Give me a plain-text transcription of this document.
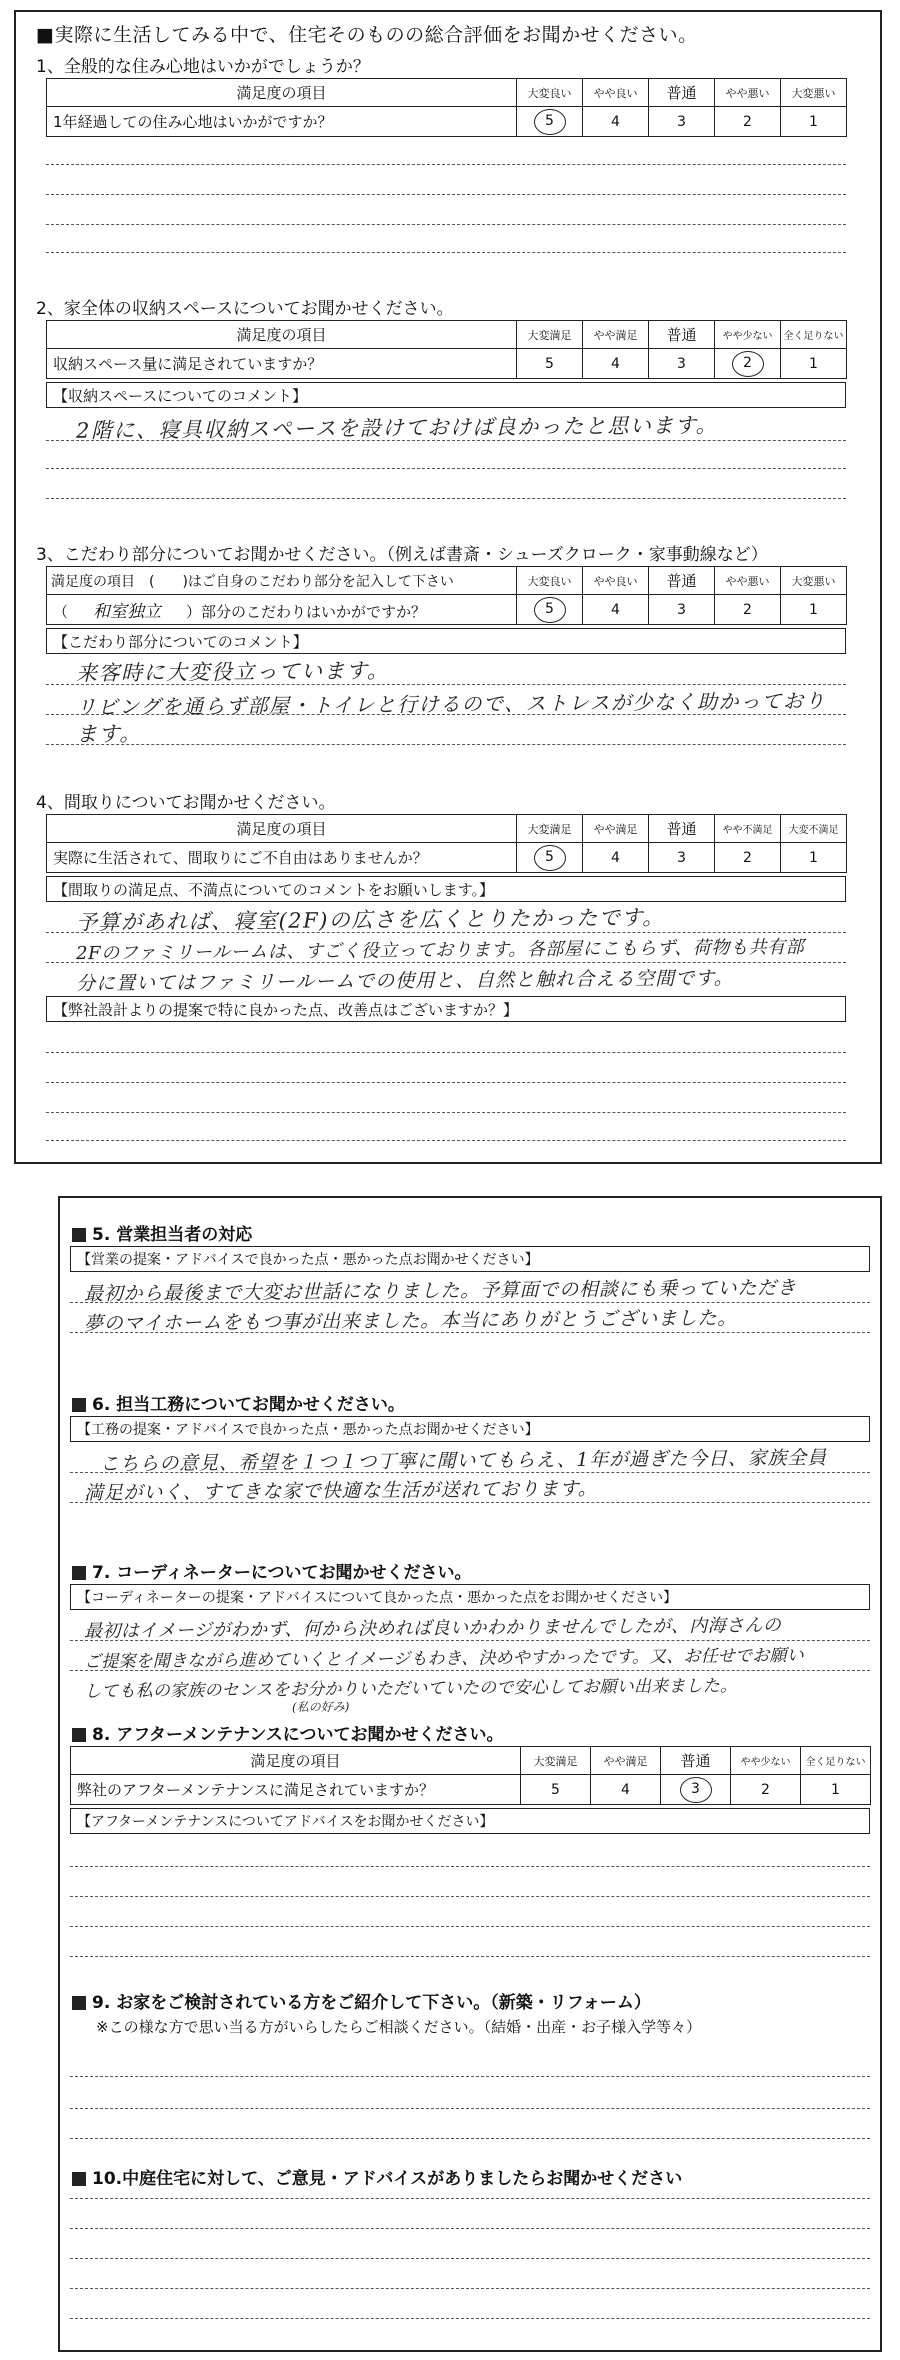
■実際に生活してみる中で、住宅そのものの総合評価をお聞かせください。
1、全般的な住み心地はいかがでしょうか？
満足度の項目	大変良い	やや良い	普通	やや悪い	大変悪い
1年経過しての住み心地はいかがですか？	5	4	3	2	1
2、家全体の収納スペースについてお聞かせください。
満足度の項目	大変満足	やや満足	普通	やや少ない	全く足りない
収納スペース量に満足されていますか？	5	4	3	2	1
【収納スペースについてのコメント】
2階に、寝具収納スペースを設けておけば良かったと思います。
3、こだわり部分についてお聞かせください。（例えば書斎・シューズクローク・家事動線など）
満足度の項目　(　　)はご自身のこだわり部分を記入して下さい	大変良い	やや良い	普通	やや悪い	大変悪い
（ 和室独立 ）部分のこだわりはいかがですか？	5	4	3	2	1
【こだわり部分についてのコメント】
来客時に大変役立っています。
リビングを通らず部屋・トイレと行けるので、ストレスが少なく助かっており
ます。
4、間取りについてお聞かせください。
満足度の項目	大変満足	やや満足	普通	やや不満足	大変不満足
実際に生活されて、間取りにご不自由はありませんか？	5	4	3	2	1
【間取りの満足点、不満点についてのコメントをお願いします。】
予算があれば、寝室(2F)の広さを広くとりたかったです。
2Fのファミリールームは、すごく役立っております。各部屋にこもらず、荷物も共有部
分に置いてはファミリールームでの使用と、自然と触れ合える空間です。
【弊社設計よりの提案で特に良かった点、改善点はございますか？】
5. 営業担当者の対応
【営業の提案・アドバイスで良かった点・悪かった点お聞かせください】
最初から最後まで大変お世話になりました。予算面での相談にも乗っていただき
夢のマイホームをもつ事が出来ました。本当にありがとうございました。
6. 担当工務についてお聞かせください。
【工務の提案・アドバイスで良かった点・悪かった点お聞かせください】
こちらの意見、希望を１つ１つ丁寧に聞いてもらえ、1年が過ぎた今日、家族全員
満足がいく、すてきな家で快適な生活が送れております。
7. コーディネーターについてお聞かせください。
【コーディネーターの提案・アドバイスについて良かった点・悪かった点をお聞かせください】
最初はイメージがわかず、何から決めれば良いかわかりませんでしたが、内海さんの
ご提案を聞きながら進めていくとイメージもわき、決めやすかったです。又、お任せでお願い
しても私の家族のセンスをお分かりいただいていたので安心してお願い出来ました。
(私の好み)
8. アフターメンテナンスについてお聞かせください。
満足度の項目	大変満足	やや満足	普通	やや少ない	全く足りない
弊社のアフターメンテナンスに満足されていますか？	5	4	3	2	1
【アフターメンテナンスについてアドバイスをお聞かせください】
9. お家をご検討されている方をご紹介して下さい。（新築・リフォーム）
※この様な方で思い当る方がいらしたらご相談ください。（結婚・出産・お子様入学等々）
10.中庭住宅に対して、ご意見・アドバイスがありましたらお聞かせください
